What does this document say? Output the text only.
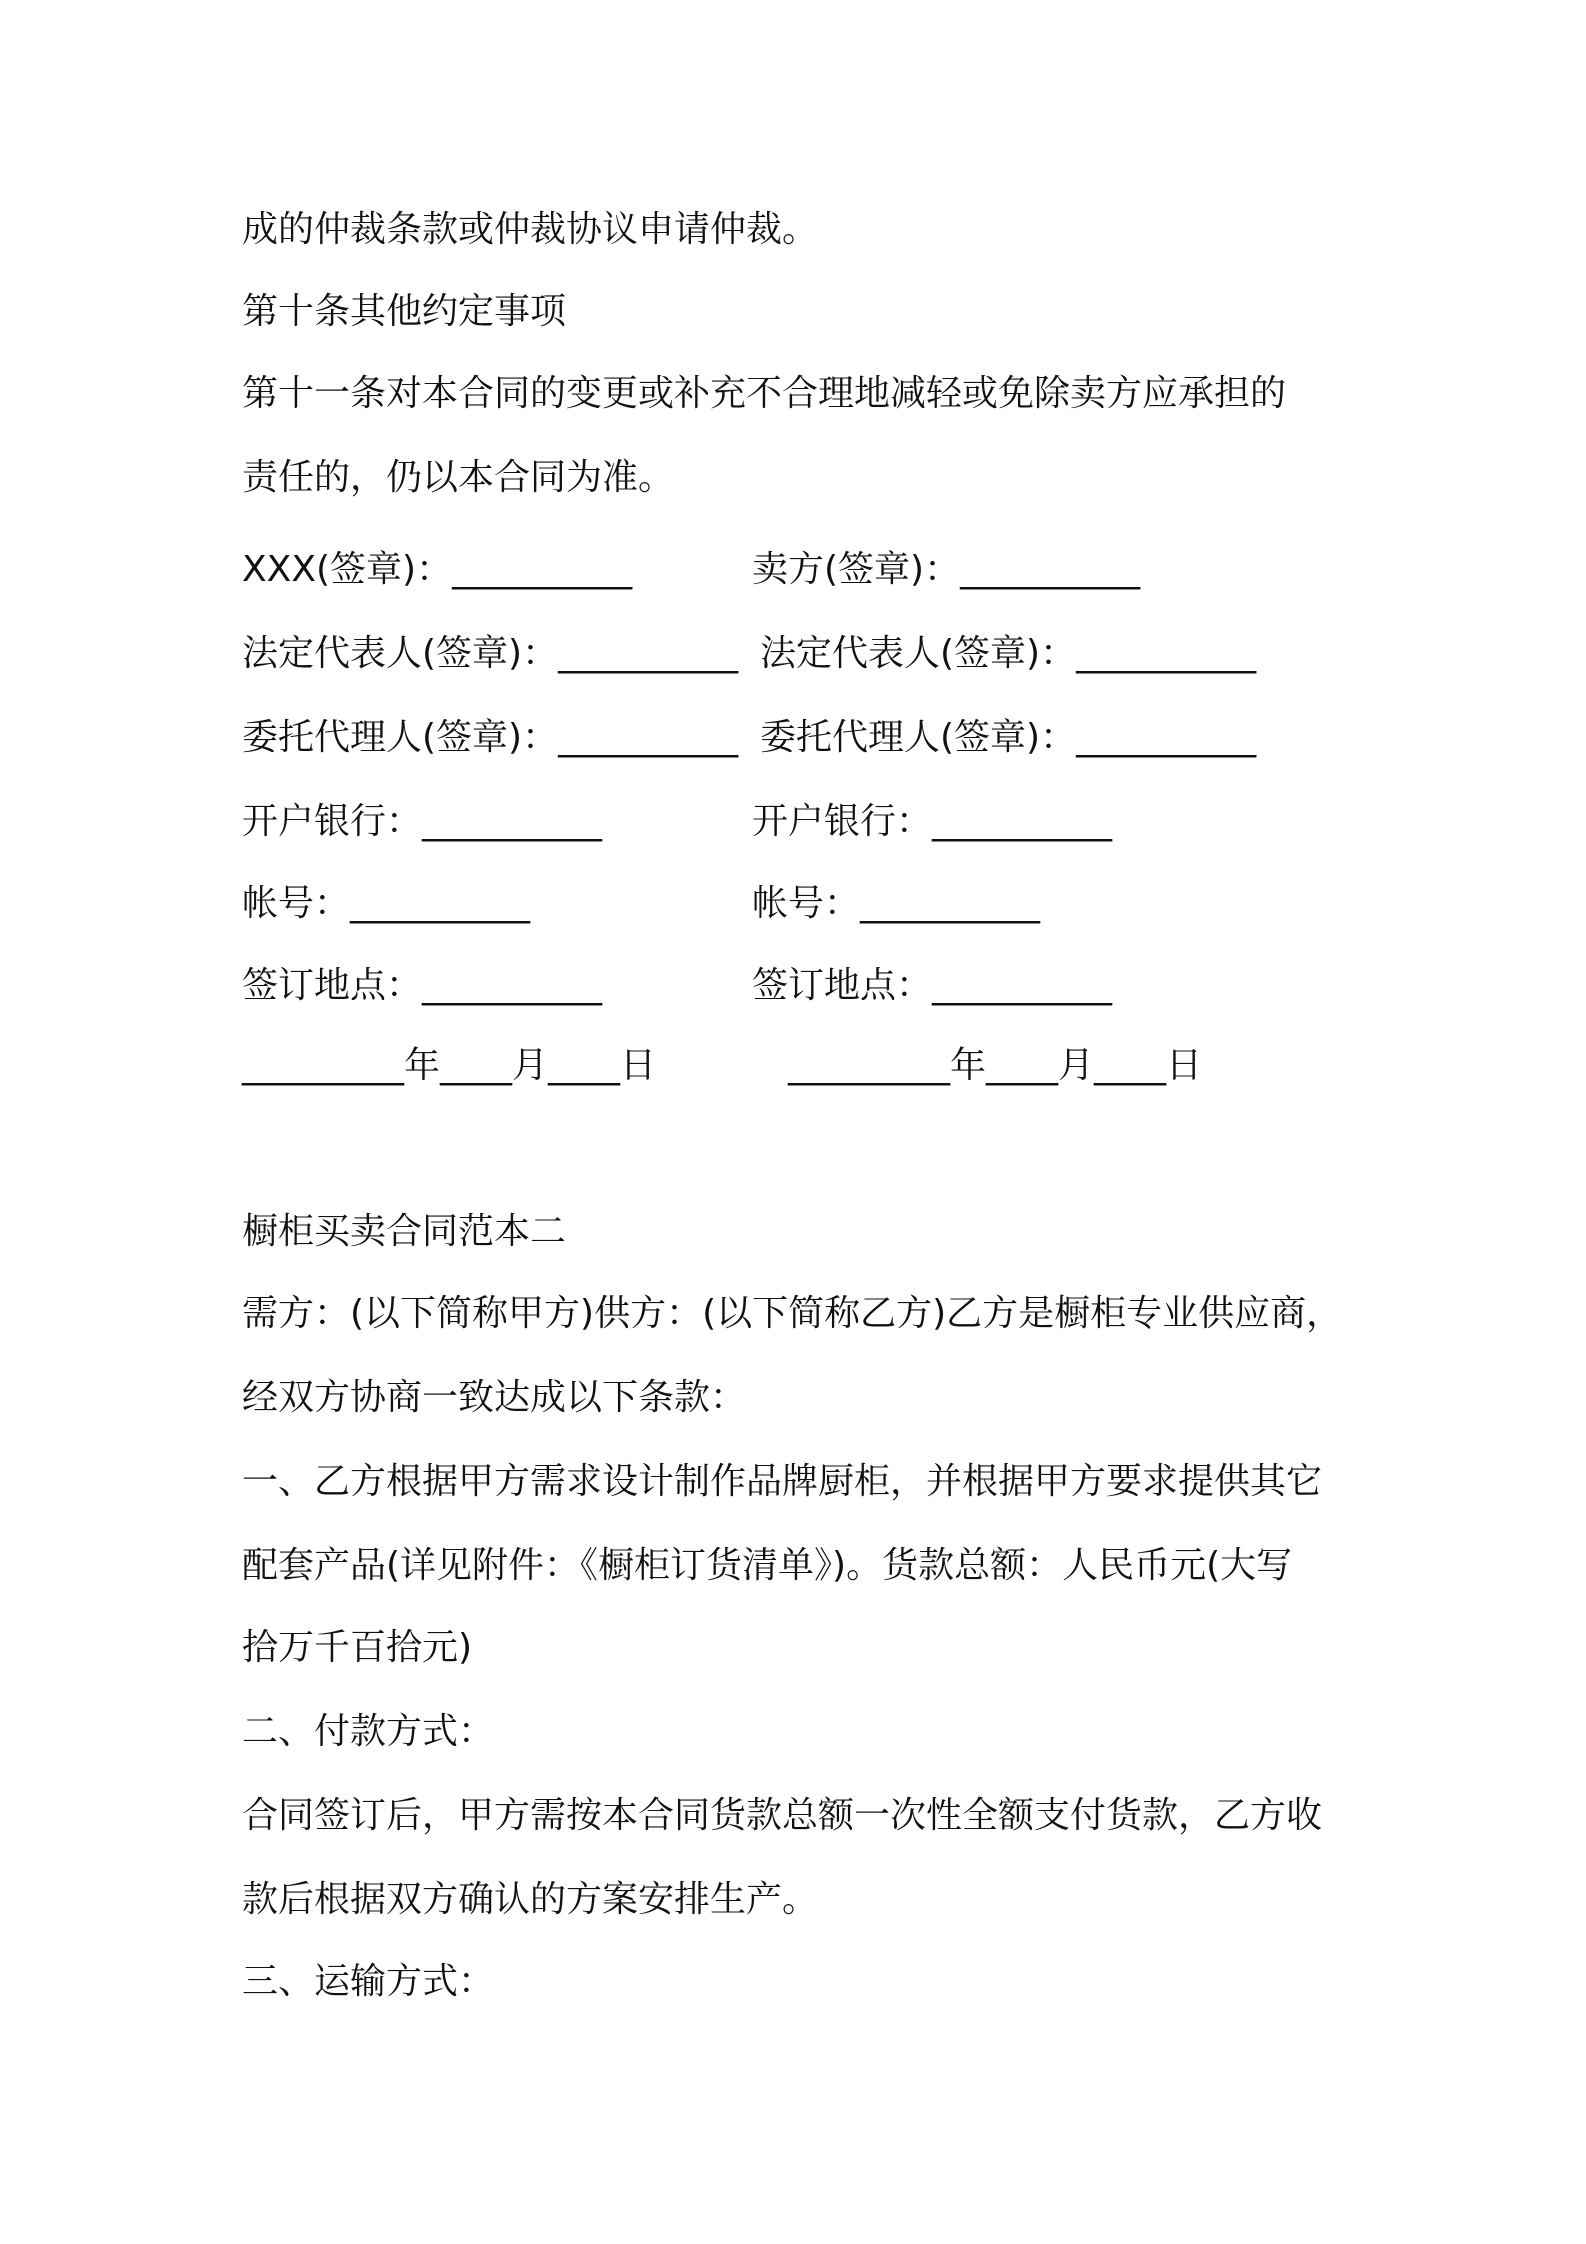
成的仲裁条款或仲裁协议申请仲裁。
第十条其他约定事项
第十一条对本合同的变更或补充不合理地减轻或免除卖方应承担的
责任的，仍以本合同为准。
XXX(签章)：__________	卖方(签章)：__________
法定代表人(签章)：__________ 法定代表人(签章)：__________
委托代理人(签章)：__________ 委托代理人(签章)：__________
开户银行：__________	开户银行：__________
帐号：__________	帐号：__________
签订地点：__________	签订地点：__________
_________年____月____日	_________年____月____日
橱柜买卖合同范本二
需方：(以下简称甲方)供方：(以下简称乙方)乙方是橱柜专业供应商，
经双方协商一致达成以下条款：
一、乙方根据甲方需求设计制作品牌厨柜，并根据甲方要求提供其它
配套产品(详见附件：《橱柜订货清单》)。货款总额：人民币元(大写
拾万千百拾元)
二、付款方式：
合同签订后，甲方需按本合同货款总额一次性全额支付货款，乙方收
款后根据双方确认的方案安排生产。
三、运输方式：
